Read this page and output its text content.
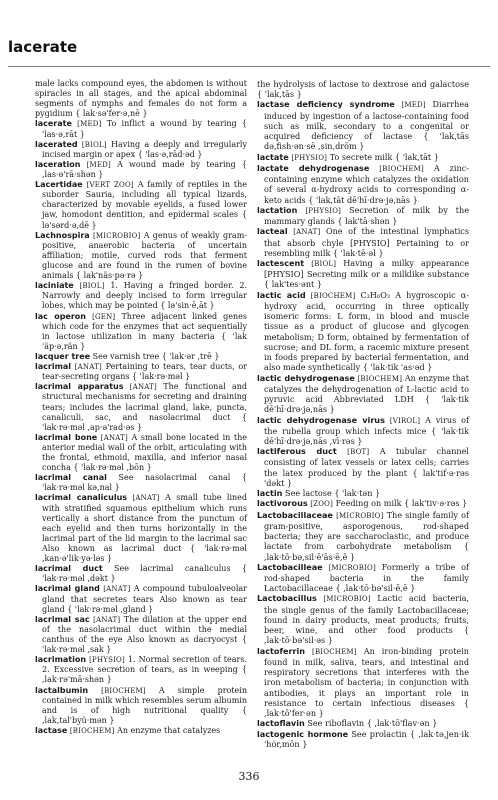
lacerate

male lacks compound eyes, the abdomen is without spiracles in all stages, and the apical abdominal segments of nymphs and females do not form a pygidium { lak·sə'fer·ə,nē }

lacerate [MED] To inflict a wound by tearing { 'las·ə,rāt }

lacerated [BIOL] Having a deeply and irregularly incised margin or apex { 'las·ə,rād·əd }

laceration [MED] A wound made by tearing { ,las·ə'rā·shən }

Lacertidae [VERT ZOO] A family of reptiles in the suborder Sauria, including all typical lizards, characterized by movable eyelids, a fused lower jaw, homodont dentition, and epidermal scales { lə'sərd·ə,dē }

Lachnospira [MICROBIO] A genus of weakly gram-positive, anaerobic bacteria of uncertain affiliation; motile, curved rods that ferment glucose and are found in the rumen of bovine animals { lak'näs·pə·rə }

laciniate [BIOL] 1. Having a fringed border. 2. Narrowly and deeply incised to form irregular lobes, which may be pointed { lə'sin·ē,āt }

lac operon [GEN] Three adjacent linked genes which code for the enzymes that act sequentially in lactose utilization in many bacteria { 'lak 'äp·ə,rän }

lacquer tree See varnish tree { 'lak·ər ,trē }

lacrimal [ANAT] Pertaining to tears, tear ducts, or tear-secreting organs { 'lak·rə·məl }

lacrimal apparatus [ANAT] The functional and structural mechanisms for secreting and draining tears; includes the lacrimal gland, lake, puncta, canaliculi, sac, and nasolacrimal duct { 'lak·rə·məl ,ap·ə'rad·əs }

lacrimal bone [ANAT] A small bone located in the anterior medial wall of the orbit, articulating with the frontal, ethmoid, maxilla, and inferior nasal concha { 'lak·rə·məl ,bōn }

lacrimal canal See nasolacrimal canal { 'lak·rə·məl kə,nal }

lacrimal canaliculus [ANAT] A small tube lined with stratified squamous epithelium which runs vertically a short distance from the punctum of each eyelid and then turns horizontally in the lacrimal part of the lid margin to the lacrimal sac Also known as lacrimal duct { 'lak·rə·məl ,kan·ə'lik·yə·ləs }

lacrimal duct See lacrimal canaliculus { 'lak·rə·məl ,dəkt }

lacrimal gland [ANAT] A compound tubuloalveolar gland that secretes tears Also known as tear gland { 'lak·rə·məl ,gland }

lacrimal sac [ANAT] The dilation at the upper end of the nasolacrimal duct within the medial canthus of the eye Also known as dacryocyst { 'lak·rə·məl ,sak }

lacrimation [PHYSIO] 1. Normal secretion of tears. 2. Excessive secretion of tears, as in weeping { ,lak·rə'mā·shən }

lactalbumin [BIOCHEM] A simple protein contained in milk which resembles serum albumin and is of high nutritional quality { ,lak,tal'byü·mən }

lactase [BIOCHEM] An enzyme that catalyzes

the hydrolysis of lactose to dextrose and galactose { 'lak,tās }

lactase deficiency syndrome [MED] Diarrhea induced by ingestion of a lactose-containing food such as milk, secondary to a congenital or acquired deficiency of lactase { 'lak,tās də,fish·ən·sē ,sin,drōm }

lactate [PHYSIO] To secrete milk { 'lak,tāt }

lactate dehydrogenase [BIOCHEM] A zinc-containing enzyme which catalyzes the oxidation of several α-hydroxy acids to corresponding α-keto acids { 'lak,tāt dē'hī·drə·jə,nās }

lactation [PHYSIO] Secretion of milk by the mammary glands { lak'tā·shən }

lacteal [ANAT] One of the intestinal lymphatics that absorb chyle [PHYSIO] Pertaining to or resembling milk { 'lak·tē·əl }

lactescent [BIOL] Having a milky appearance [PHYSIO] Secreting milk or a milklike substance { lak'tes·ənt }

lactic acid [BIOCHEM] C₃H₆O₃ A hygroscopic α-hydroxy acid, occurring in three optically isomeric forms: L form, in blood and muscle tissue as a product of glucose and glycogen metabolism; D form, obtained by fermentation of sucrose; and DL form, a racemic mixture present in foods prepared by bacterial fermentation, and also made synthetically { 'lak·tik 'as·əd }

lactic dehydrogenase [BIOCHEM] An enzyme that catalyzes the dehydrogenation of L-lactic acid to pyruvic acid Abbreviated LDH { 'lak·tik dē'hī·drə·jə,nās }

lactic dehydrogenase virus [VIROL] A virus of the rubella group which infects mice { 'lak·tik dē'hī·drə·jə,nās ,vī·rəs }

lactiferous duct [BOT] A tubular channel consisting of latex vessels or latex cells; carries the latex produced by the plant { lak'tif·ə·rəs 'dəkt }

lactin See lactose { 'lak·tən }

lactivorous [ZOO] Feeding on milk { lak'tiv·ə·rəs }

Lactobacillaceae [MICROBIO] The single family of gram-positive, asporogenous, rod-shaped bacteria; they are saccharoclastic, and produce lactate from carbohydrate metabolism { ,lak·tō·bə,sil·ē'ās·ē,ē }

Lactobacilleae [MICROBIO] Formerly a tribe of rod-shaped bacteria in the family Lactobacillaceae { ,lak·tō·bə'sil·ē,ē }

Lactobacillus [MICROBIO] Lactic acid bacteria, the single genus of the family Lactobacillaceae; found in dairy products, meat products, fruits, beer, wine, and other food products { ,lak·tō·bə'sil·əs }

lactoferrin [BIOCHEM] An iron-binding protein found in milk, saliva, tears, and intestinal and respiratory secretions that interferes with the iron metabolism of bacteria; in conjunction with antibodies, it plays an important role in resistance to certain infectious diseases { ,lak·tō'fer·ən }

lactoflavin See riboflavin { ,lak·tō'flav·ən }

lactogenic hormone See prolactin { ,lak·tə,jen·ik 'hȯr,mōn }

336
